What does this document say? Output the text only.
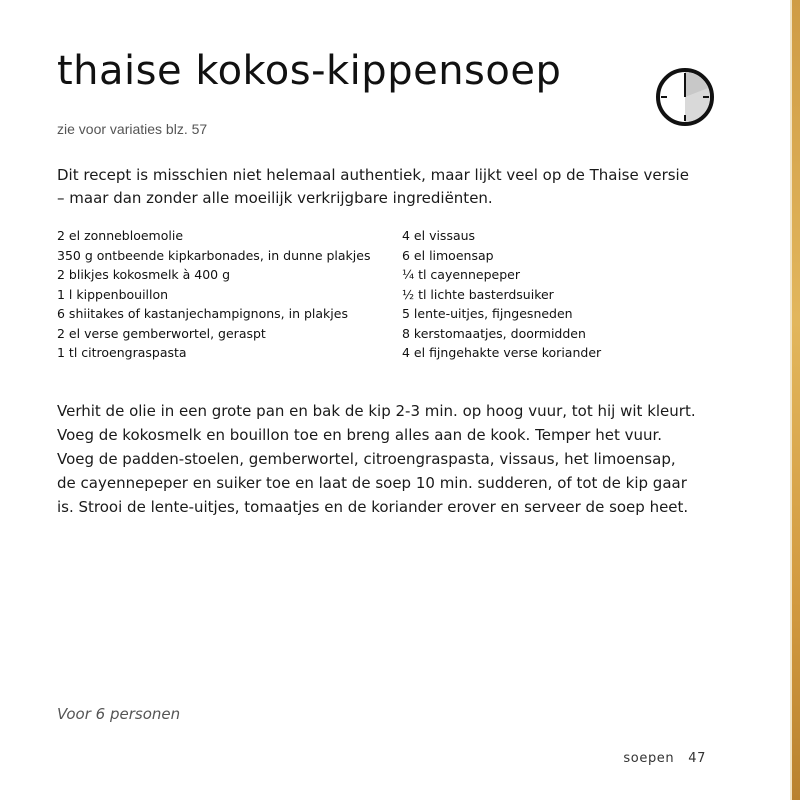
thaise kokos-kippensoep
zie voor variaties blz. 57

Dit recept is misschien niet helemaal authentiek, maar lijkt veel op de Thaise versie – maar dan zonder alle moeilijk verkrijgbare ingrediënten.

2 el zonnebloemolie
350 g ontbeende kipkarbonades, in dunne plakjes
2 blikjes kokosmelk à 400 g
1 l kippenbouillon
6 shiitakes of kastanjechampignons, in plakjes
2 el verse gemberwortel, geraspt
1 tl citroengraspasta
4 el vissaus
6 el limoensap
¼ tl cayennepeper
½ tl lichte basterdsuiker
5 lente-uitjes, fijngesneden
8 kerstomaatjes, doormidden
4 el fijngehakte verse koriander

Verhit de olie in een grote pan en bak de kip 2-3 min. op hoog vuur, tot hij wit kleurt. Voeg de kokosmelk en bouillon toe en breng alles aan de kook. Temper het vuur. Voeg de padden-stoelen, gemberwortel, citroengraspasta, vissaus, het limoensap, de cayennepeper en suiker toe en laat de soep 10 min. sudderen, of tot de kip gaar is. Strooi de lente-uitjes, tomaatjes en de koriander erover en serveer de soep heet.

Voor 6 personen
soepen 47
